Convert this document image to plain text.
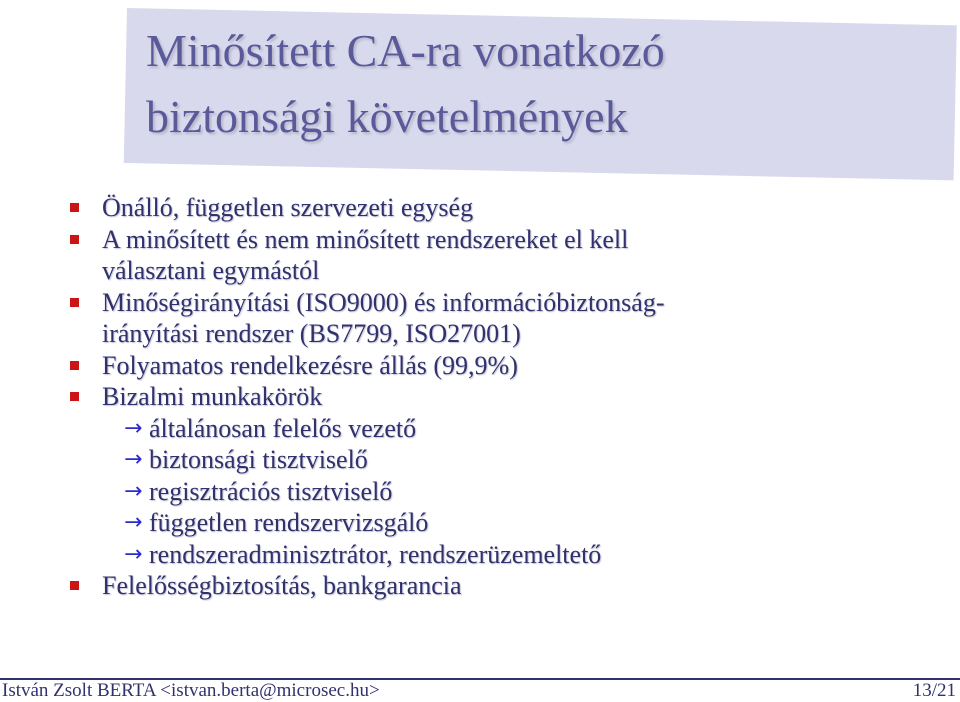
Minősített CA-ra vonatkozó
biztonsági követelmények
Önálló, független szervezeti egység
A minősített és nem minősített rendszereket el kell
választani egymástól
Minőségirányítási (ISO9000) és információbiztonság-
irányítási rendszer (BS7799, ISO27001)
Folyamatos rendelkezésre állás (99,9%)
Bizalmi munkakörök
→ általánosan felelős vezető
→ biztonsági tisztviselő
→ regisztrációs tisztviselő
→ független rendszervizsgáló
→ rendszeradminisztrátor, rendszerüzemeltető
Felelősségbiztosítás, bankgarancia
István Zsolt BERTA <istvan.berta@microsec.hu>	13/21
